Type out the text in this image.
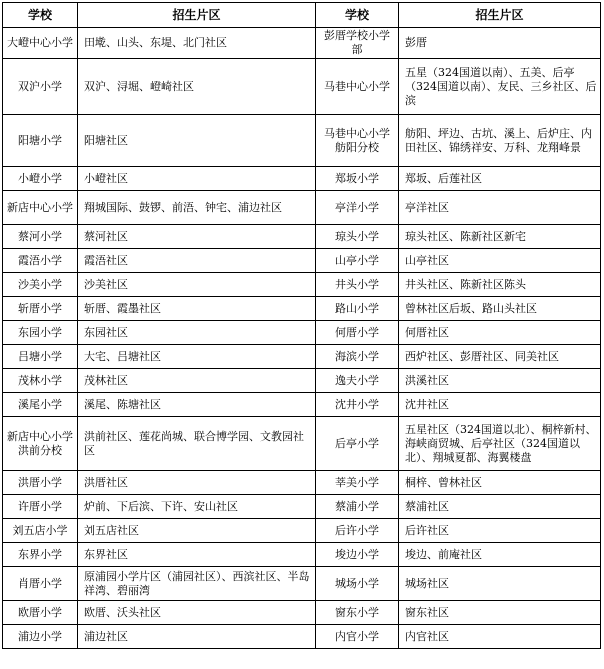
学校	招生片区	学校	招生片区
大嶝中心小学	田墘、山头、东堤、北门社区	彭厝学校小学部	彭厝
双沪小学	双沪、浔堀、嶝崎社区	马巷中心小学	五星（324国道以南）、五美、后亭（324国道以南）、友民、三乡社区、后滨
阳塘小学	阳塘社区	马巷中心小学舫阳分校	舫阳、坪边、古坑、溪上、后炉庄、内田社区、锦绣祥安、万科、龙翔峰景
小嶝小学	小嶝社区	郑坂小学	郑坂、后莲社区
新店中心小学	翔城国际、鼓锣、前浯、钟宅、浦边社区	亭洋小学	亭洋社区
蔡河小学	蔡河社区	琼头小学	琼头社区、陈新社区新宅
霞浯小学	霞浯社区	山亭小学	山亭社区
沙美小学	沙美社区	井头小学	井头社区、陈新社区陈头
斩厝小学	斩厝、霞墨社区	路山小学	曾林社区后坂、路山头社区
东园小学	东园社区	何厝小学	何厝社区
吕塘小学	大宅、吕塘社区	海滨小学	西炉社区、彭厝社区、同美社区
茂林小学	茂林社区	逸夫小学	洪溪社区
溪尾小学	溪尾、陈塘社区	沈井小学	沈井社区
新店中心小学洪前分校	洪前社区、莲花尚城、联合博学园、文教园社区	后亭小学	五星社区（324国道以北）、桐梓新村、海峡商贸城、后亭社区（324国道以北）、翔城夏都、海翼楼盘
洪厝小学	洪厝社区	莘美小学	桐梓、曾林社区
许厝小学	炉前、下后滨、下许、安山社区	蔡浦小学	蔡浦社区
刘五店小学	刘五店社区	后许小学	后许社区
东界小学	东界社区	埈边小学	埈边、前庵社区
肖厝小学	原浦园小学片区（浦园社区）、西滨社区、半岛祥湾、碧丽湾	城场小学	城场社区
欧厝小学	欧厝、沃头社区	窗东小学	窗东社区
浦边小学	浦边社区	内官小学	内官社区
